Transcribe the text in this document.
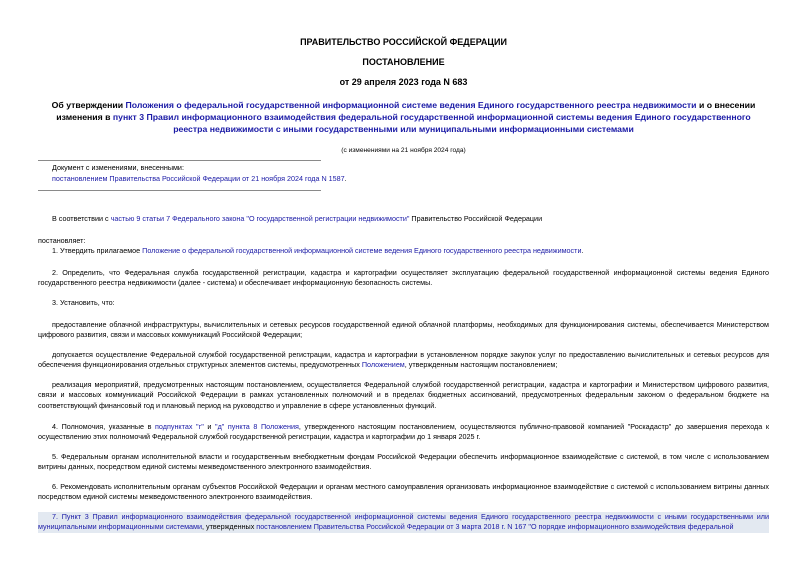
ПРАВИТЕЛЬСТВО РОССИЙСКОЙ ФЕДЕРАЦИИ
ПОСТАНОВЛЕНИЕ
от 29 апреля 2023 года N 683
Об утверждении Положения о федеральной государственной информационной системе ведения Единого государственного реестра недвижимости и о внесении изменения в пункт 3 Правил информационного взаимодействия федеральной государственной информационной системы ведения Единого государственного реестра недвижимости с иными государственными или муниципальными информационными системами
(с изменениями на 21 ноября 2024 года)
Документ с изменениями, внесенными:
постановлением Правительства Российской Федерации от 21 ноября 2024 года N 1587.
В соответствии с частью 9 статьи 7 Федерального закона "О государственной регистрации недвижимости" Правительство Российской Федерации
постановляет:
1. Утвердить прилагаемое Положение о федеральной государственной информационной системе ведения Единого государственного реестра недвижимости.
2. Определить, что Федеральная служба государственной регистрации, кадастра и картографии осуществляет эксплуатацию федеральной государственной информационной системы ведения Единого государственного реестра недвижимости (далее - система) и обеспечивает информационную безопасность системы.
3. Установить, что:
предоставление облачной инфраструктуры, вычислительных и сетевых ресурсов государственной единой облачной платформы, необходимых для функционирования системы, обеспечивается Министерством цифрового развития, связи и массовых коммуникаций Российской Федерации;
допускается осуществление Федеральной службой государственной регистрации, кадастра и картографии в установленном порядке закупок услуг по предоставлению вычислительных и сетевых ресурсов для обеспечения функционирования отдельных структурных элементов системы, предусмотренных Положением, утвержденным настоящим постановлением;
реализация мероприятий, предусмотренных настоящим постановлением, осуществляется Федеральной службой государственной регистрации, кадастра и картографии и Министерством цифрового развития, связи и массовых коммуникаций Российской Федерации в рамках установленных полномочий и в пределах бюджетных ассигнований, предусмотренных федеральным законом о федеральном бюджете на соответствующий финансовый год и плановый период на руководство и управление в сфере установленных функций.
4. Полномочия, указанные в подпунктах "г" и "д" пункта 8 Положения, утвержденного настоящим постановлением, осуществляются публично-правовой компанией "Роскадастр" до завершения перехода к осуществлению этих полномочий Федеральной службой государственной регистрации, кадастра и картографии до 1 января 2025 г.
5. Федеральным органам исполнительной власти и государственным внебюджетным фондам Российской Федерации обеспечить информационное взаимодействие с системой, в том числе с использованием витрины данных, посредством единой системы межведомственного электронного взаимодействия.
6. Рекомендовать исполнительным органам субъектов Российской Федерации и органам местного самоуправления организовать информационное взаимодействие с системой с использованием витрины данных посредством единой системы межведомственного электронного взаимодействия.
7. Пункт 3 Правил информационного взаимодействия федеральной государственной информационной системы ведения Единого государственного реестра недвижимости с иными государственными или муниципальными информационными системами, утвержденных постановлением Правительства Российской Федерации от 3 марта 2018 г. N 167 "О порядке информационного взаимодействия федеральной
